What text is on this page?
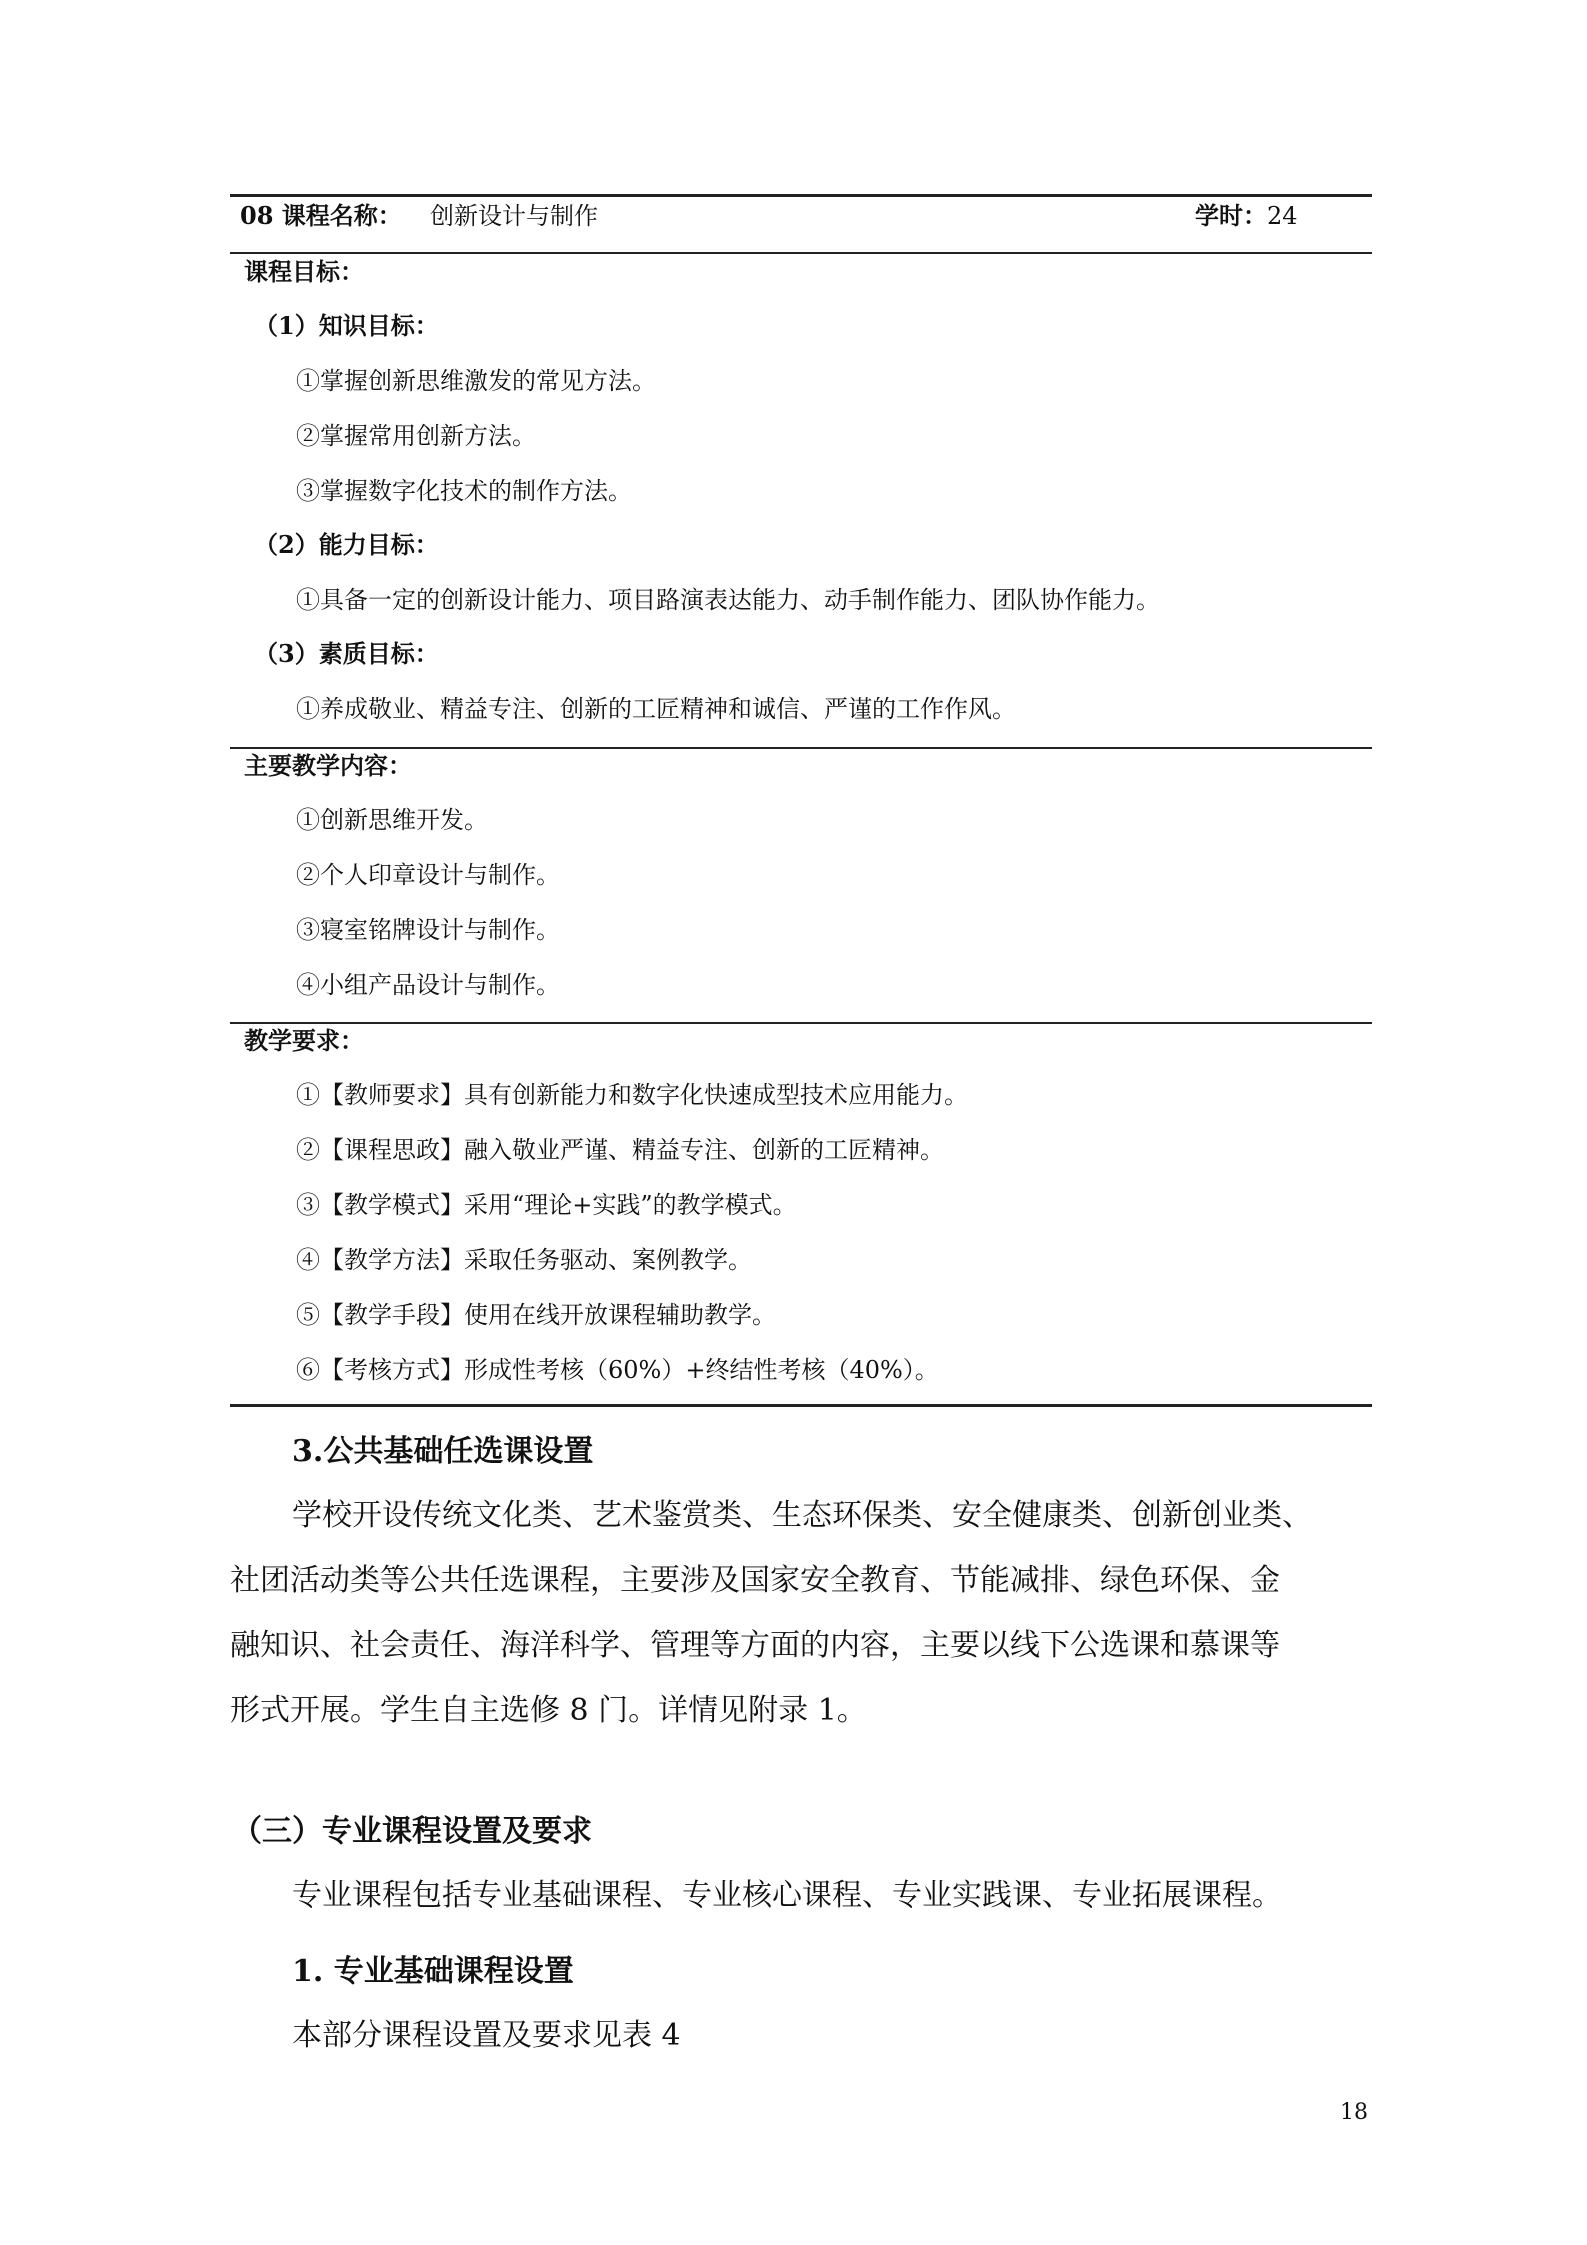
08 课程名称： 创新设计与制作	学时：24
课程目标：
（1）知识目标：
①掌握创新思维激发的常见方法。
②掌握常用创新方法。
③掌握数字化技术的制作方法。
（2）能力目标：
①具备一定的创新设计能力、项目路演表达能力、动手制作能力、团队协作能力。
（3）素质目标：
①养成敬业、精益专注、创新的工匠精神和诚信、严谨的工作作风。
主要教学内容：
①创新思维开发。
②个人印章设计与制作。
③寝室铭牌设计与制作。
④小组产品设计与制作。
教学要求：
①【教师要求】具有创新能力和数字化快速成型技术应用能力。
②【课程思政】融入敬业严谨、精益专注、创新的工匠精神。
③【教学模式】采用“理论+实践”的教学模式。
④【教学方法】采取任务驱动、案例教学。
⑤【教学手段】使用在线开放课程辅助教学。
⑥【考核方式】形成性考核（60%）+终结性考核（40%）。
3.公共基础任选课设置
学校开设传统文化类、艺术鉴赏类、生态环保类、安全健康类、创新创业类、
社团活动类等公共任选课程，主要涉及国家安全教育、节能减排、绿色环保、金
融知识、社会责任、海洋科学、管理等方面的内容，主要以线下公选课和慕课等
形式开展。学生自主选修 8 门。详情见附录 1。
（三）专业课程设置及要求
专业课程包括专业基础课程、专业核心课程、专业实践课、专业拓展课程。
1. 专业基础课程设置
本部分课程设置及要求见表 4
18
